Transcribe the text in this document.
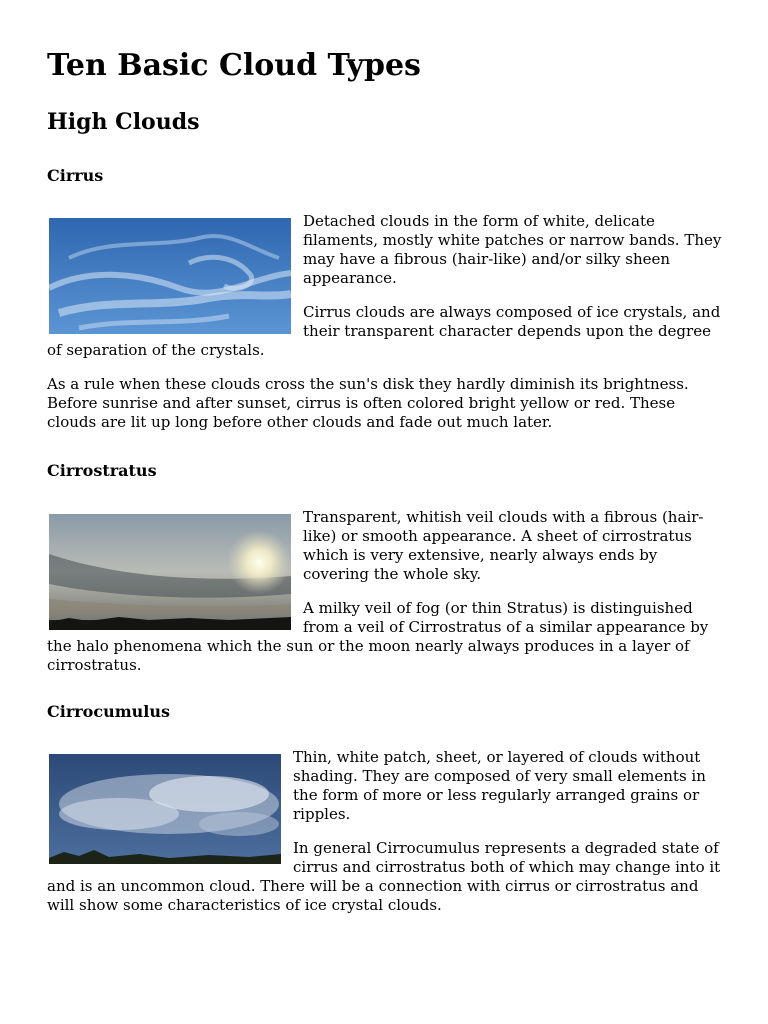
Ten Basic Cloud Types
High Clouds
Cirrus

Detached clouds in the form of white, delicate filaments, mostly white patches or narrow bands. They may have a fibrous (hair-like) and/or silky sheen appearance.

Cirrus clouds are always composed of ice crystals, and their transparent character depends upon the degree of separation of the crystals.

As a rule when these clouds cross the sun's disk they hardly diminish its brightness. Before sunrise and after sunset, cirrus is often colored bright yellow or red. These clouds are lit up long before other clouds and fade out much later.

Cirrostratus

Transparent, whitish veil clouds with a fibrous (hair-like) or smooth appearance. A sheet of cirrostratus which is very extensive, nearly always ends by covering the whole sky.

A milky veil of fog (or thin Stratus) is distinguished from a veil of Cirrostratus of a similar appearance by the halo phenomena which the sun or the moon nearly always produces in a layer of cirrostratus.

Cirrocumulus

Thin, white patch, sheet, or layered of clouds without shading. They are composed of very small elements in the form of more or less regularly arranged grains or ripples.

In general Cirrocumulus represents a degraded state of cirrus and cirrostratus both of which may change into it and is an uncommon cloud. There will be a connection with cirrus or cirrostratus and will show some characteristics of ice crystal clouds.
